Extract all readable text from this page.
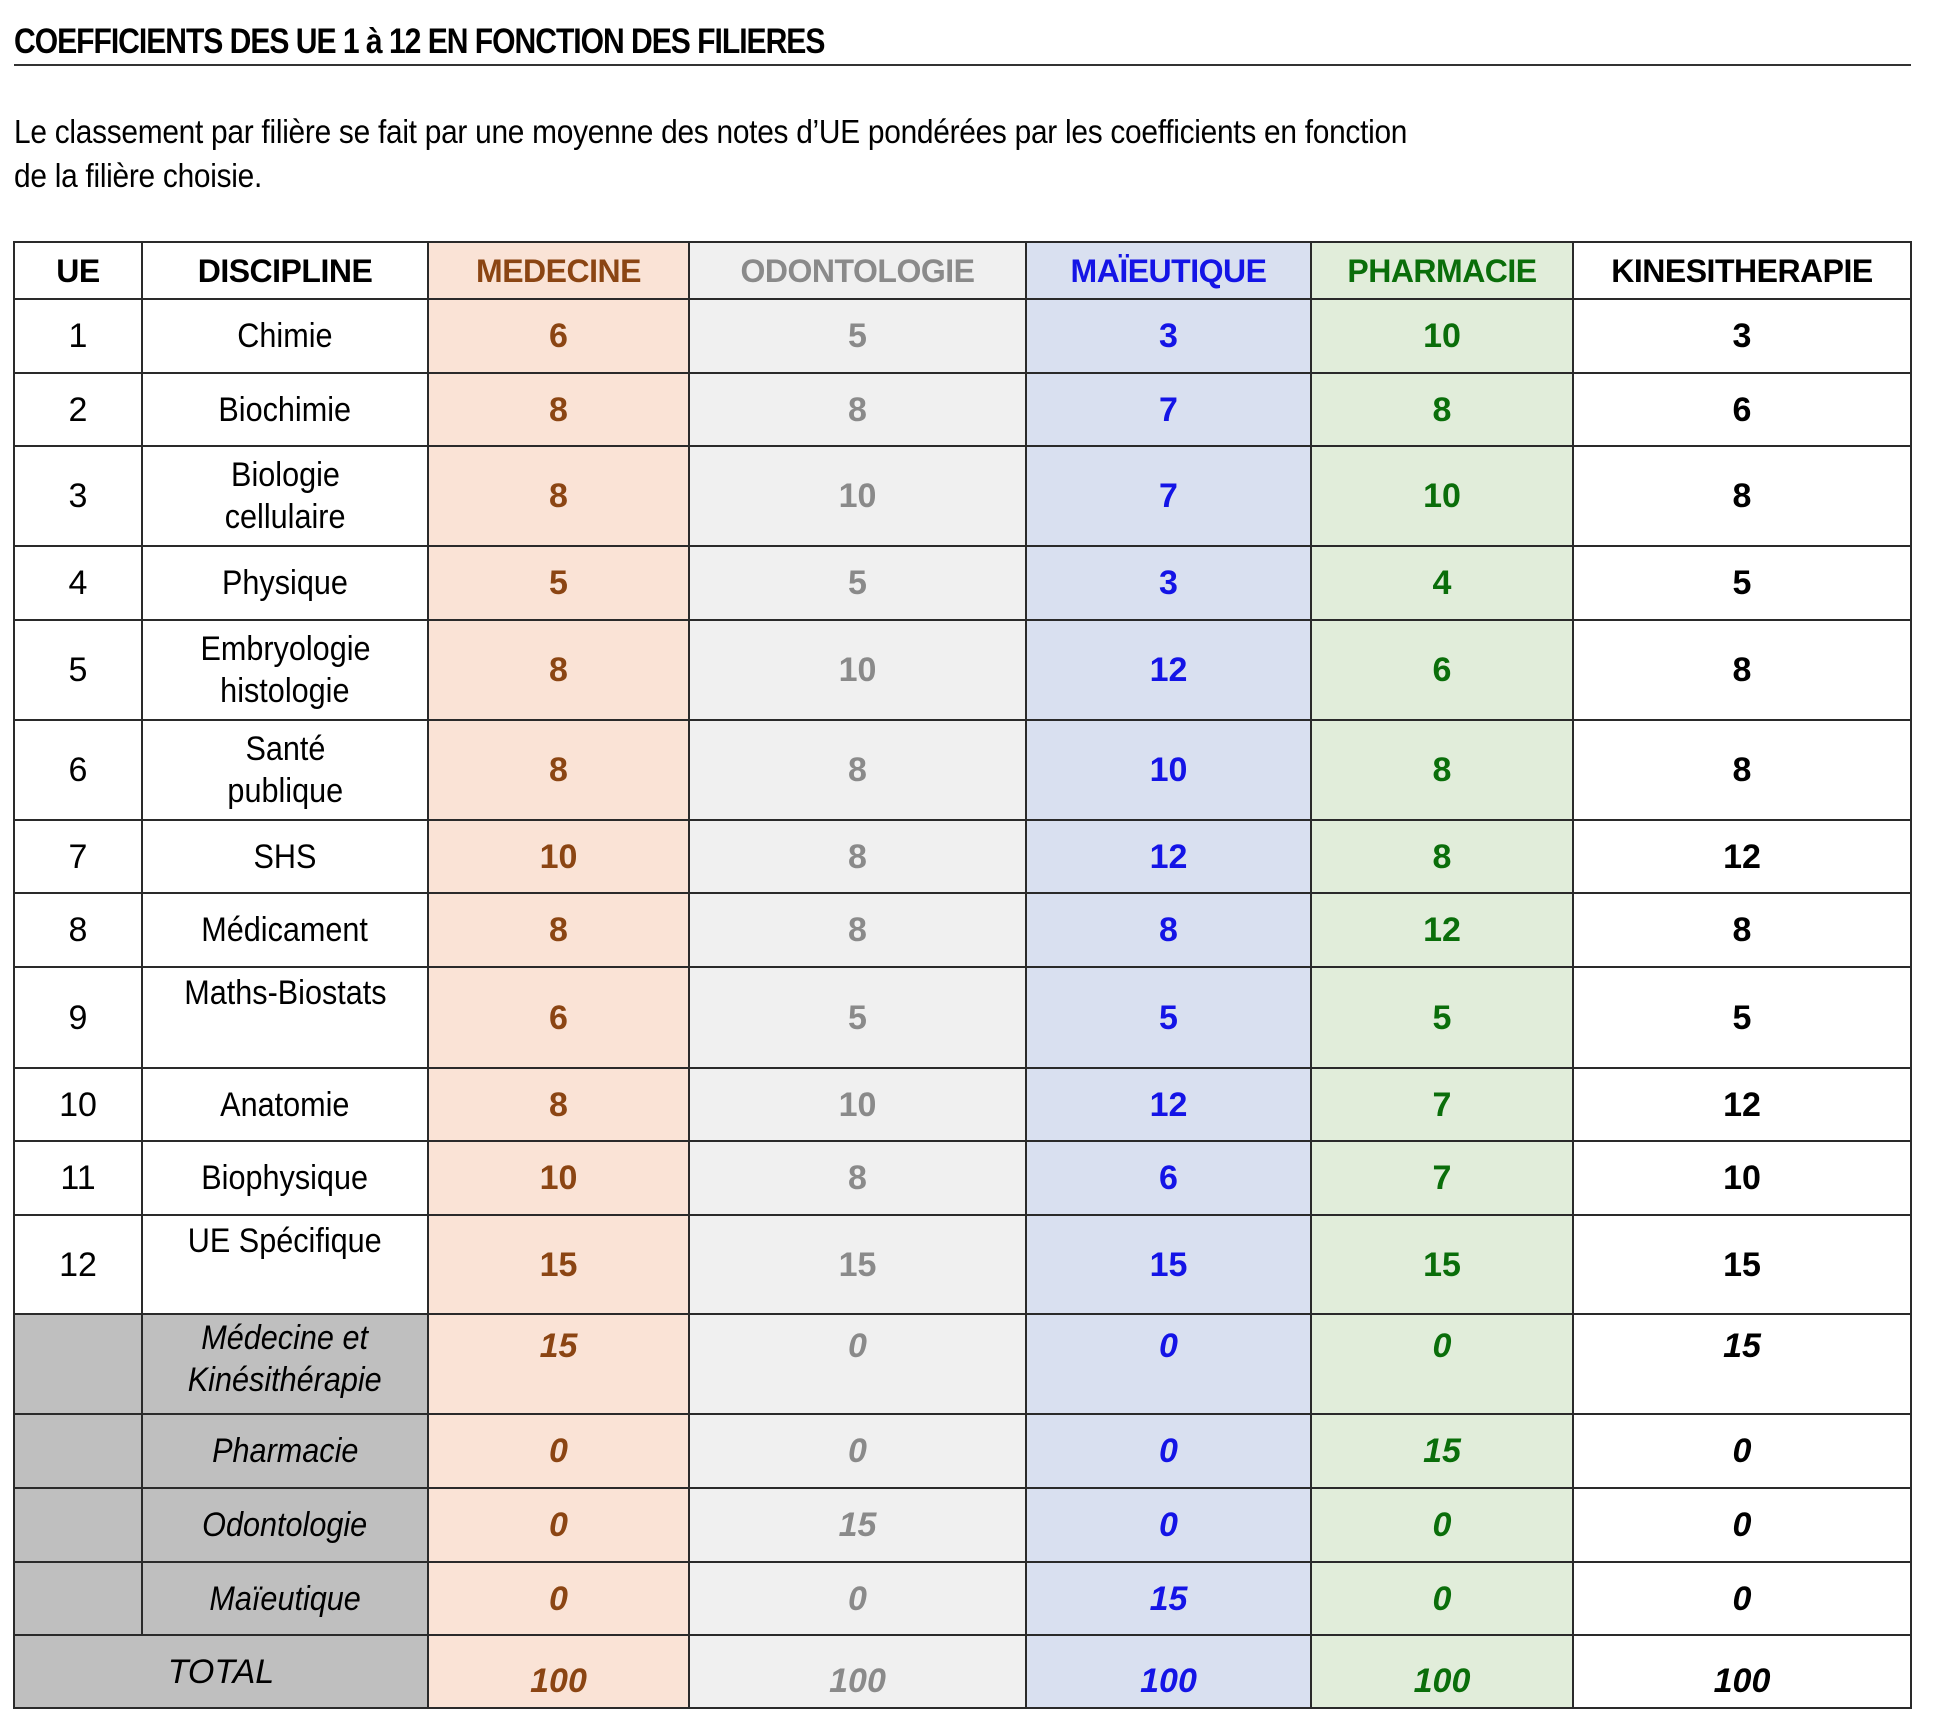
COEFFICIENTS DES UE 1 à 12 EN FONCTION DES FILIERES
Le classement par filière se fait par une moyenne des notes d’UE pondérées par les coefficients en fonction
de la filière choisie.
UE	DISCIPLINE	MEDECINE	ODONTOLOGIE	MAÏEUTIQUE	PHARMACIE	KINESITHERAPIE
1	Chimie	6	5	3	10	3
2	Biochimie	8	8	7	8	6
3	Biologie
cellulaire	8	10	7	10	8
4	Physique	5	5	3	4	5
5	Embryologie
histologie	8	10	12	6	8
6	Santé
publique	8	8	10	8	8
7	SHS	10	8	12	8	12
8	Médicament	8	8	8	12	8
9	Maths-Biostats	6	5	5	5	5
10	Anatomie	8	10	12	7	12
11	Biophysique	10	8	6	7	10
12	UE Spécifique	15	15	15	15	15
	Médecine et
Kinésithérapie	15	0	0	0	15
	Pharmacie	0	0	0	15	0
	Odontologie	0	15	0	0	0
	Maïeutique	0	0	15	0	0
TOTAL		100	100	100	100	100
